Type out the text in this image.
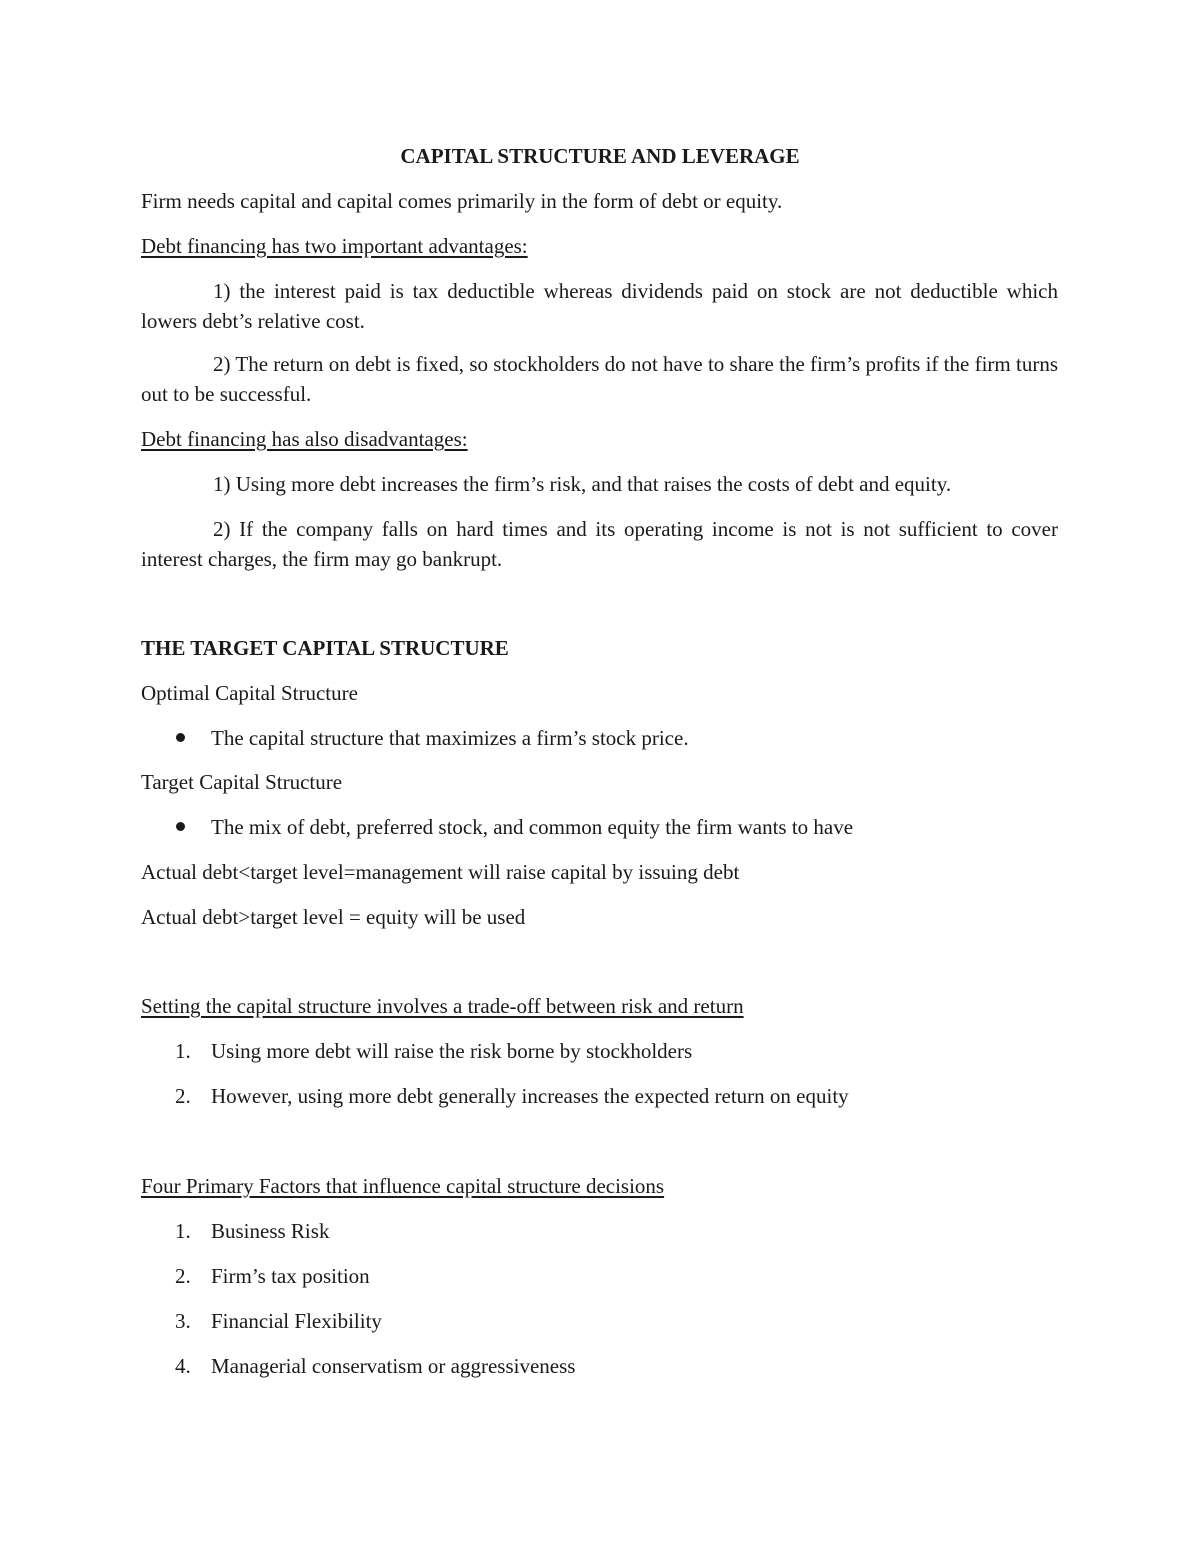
CAPITAL STRUCTURE AND LEVERAGE
Firm needs capital and capital comes primarily in the form of debt or equity.
Debt financing has two important advantages:
1) the interest paid is tax deductible whereas dividends paid on stock are not deductible which lowers debt’s relative cost.
2) The return on debt is fixed, so stockholders do not have to share the firm’s profits if the firm turns out to be successful.
Debt financing has also disadvantages:
1) Using more debt increases the firm’s risk, and that raises the costs of debt and equity.
2) If the company falls on hard times and its operating income is not is not sufficient to cover interest charges, the firm may go bankrupt.
THE TARGET CAPITAL STRUCTURE
Optimal Capital Structure
The capital structure that maximizes a firm’s stock price.
Target Capital Structure
The mix of debt, preferred stock, and common equity the firm wants to have
Actual debt<target level=management will raise capital by issuing debt
Actual debt>target level = equity will be used
Setting the capital structure involves a trade-off between risk and return
1. Using more debt will raise the risk borne by stockholders
2. However, using more debt generally increases the expected return on equity
Four Primary Factors that influence capital structure decisions
1. Business Risk
2. Firm’s tax position
3. Financial Flexibility
4. Managerial conservatism or aggressiveness
